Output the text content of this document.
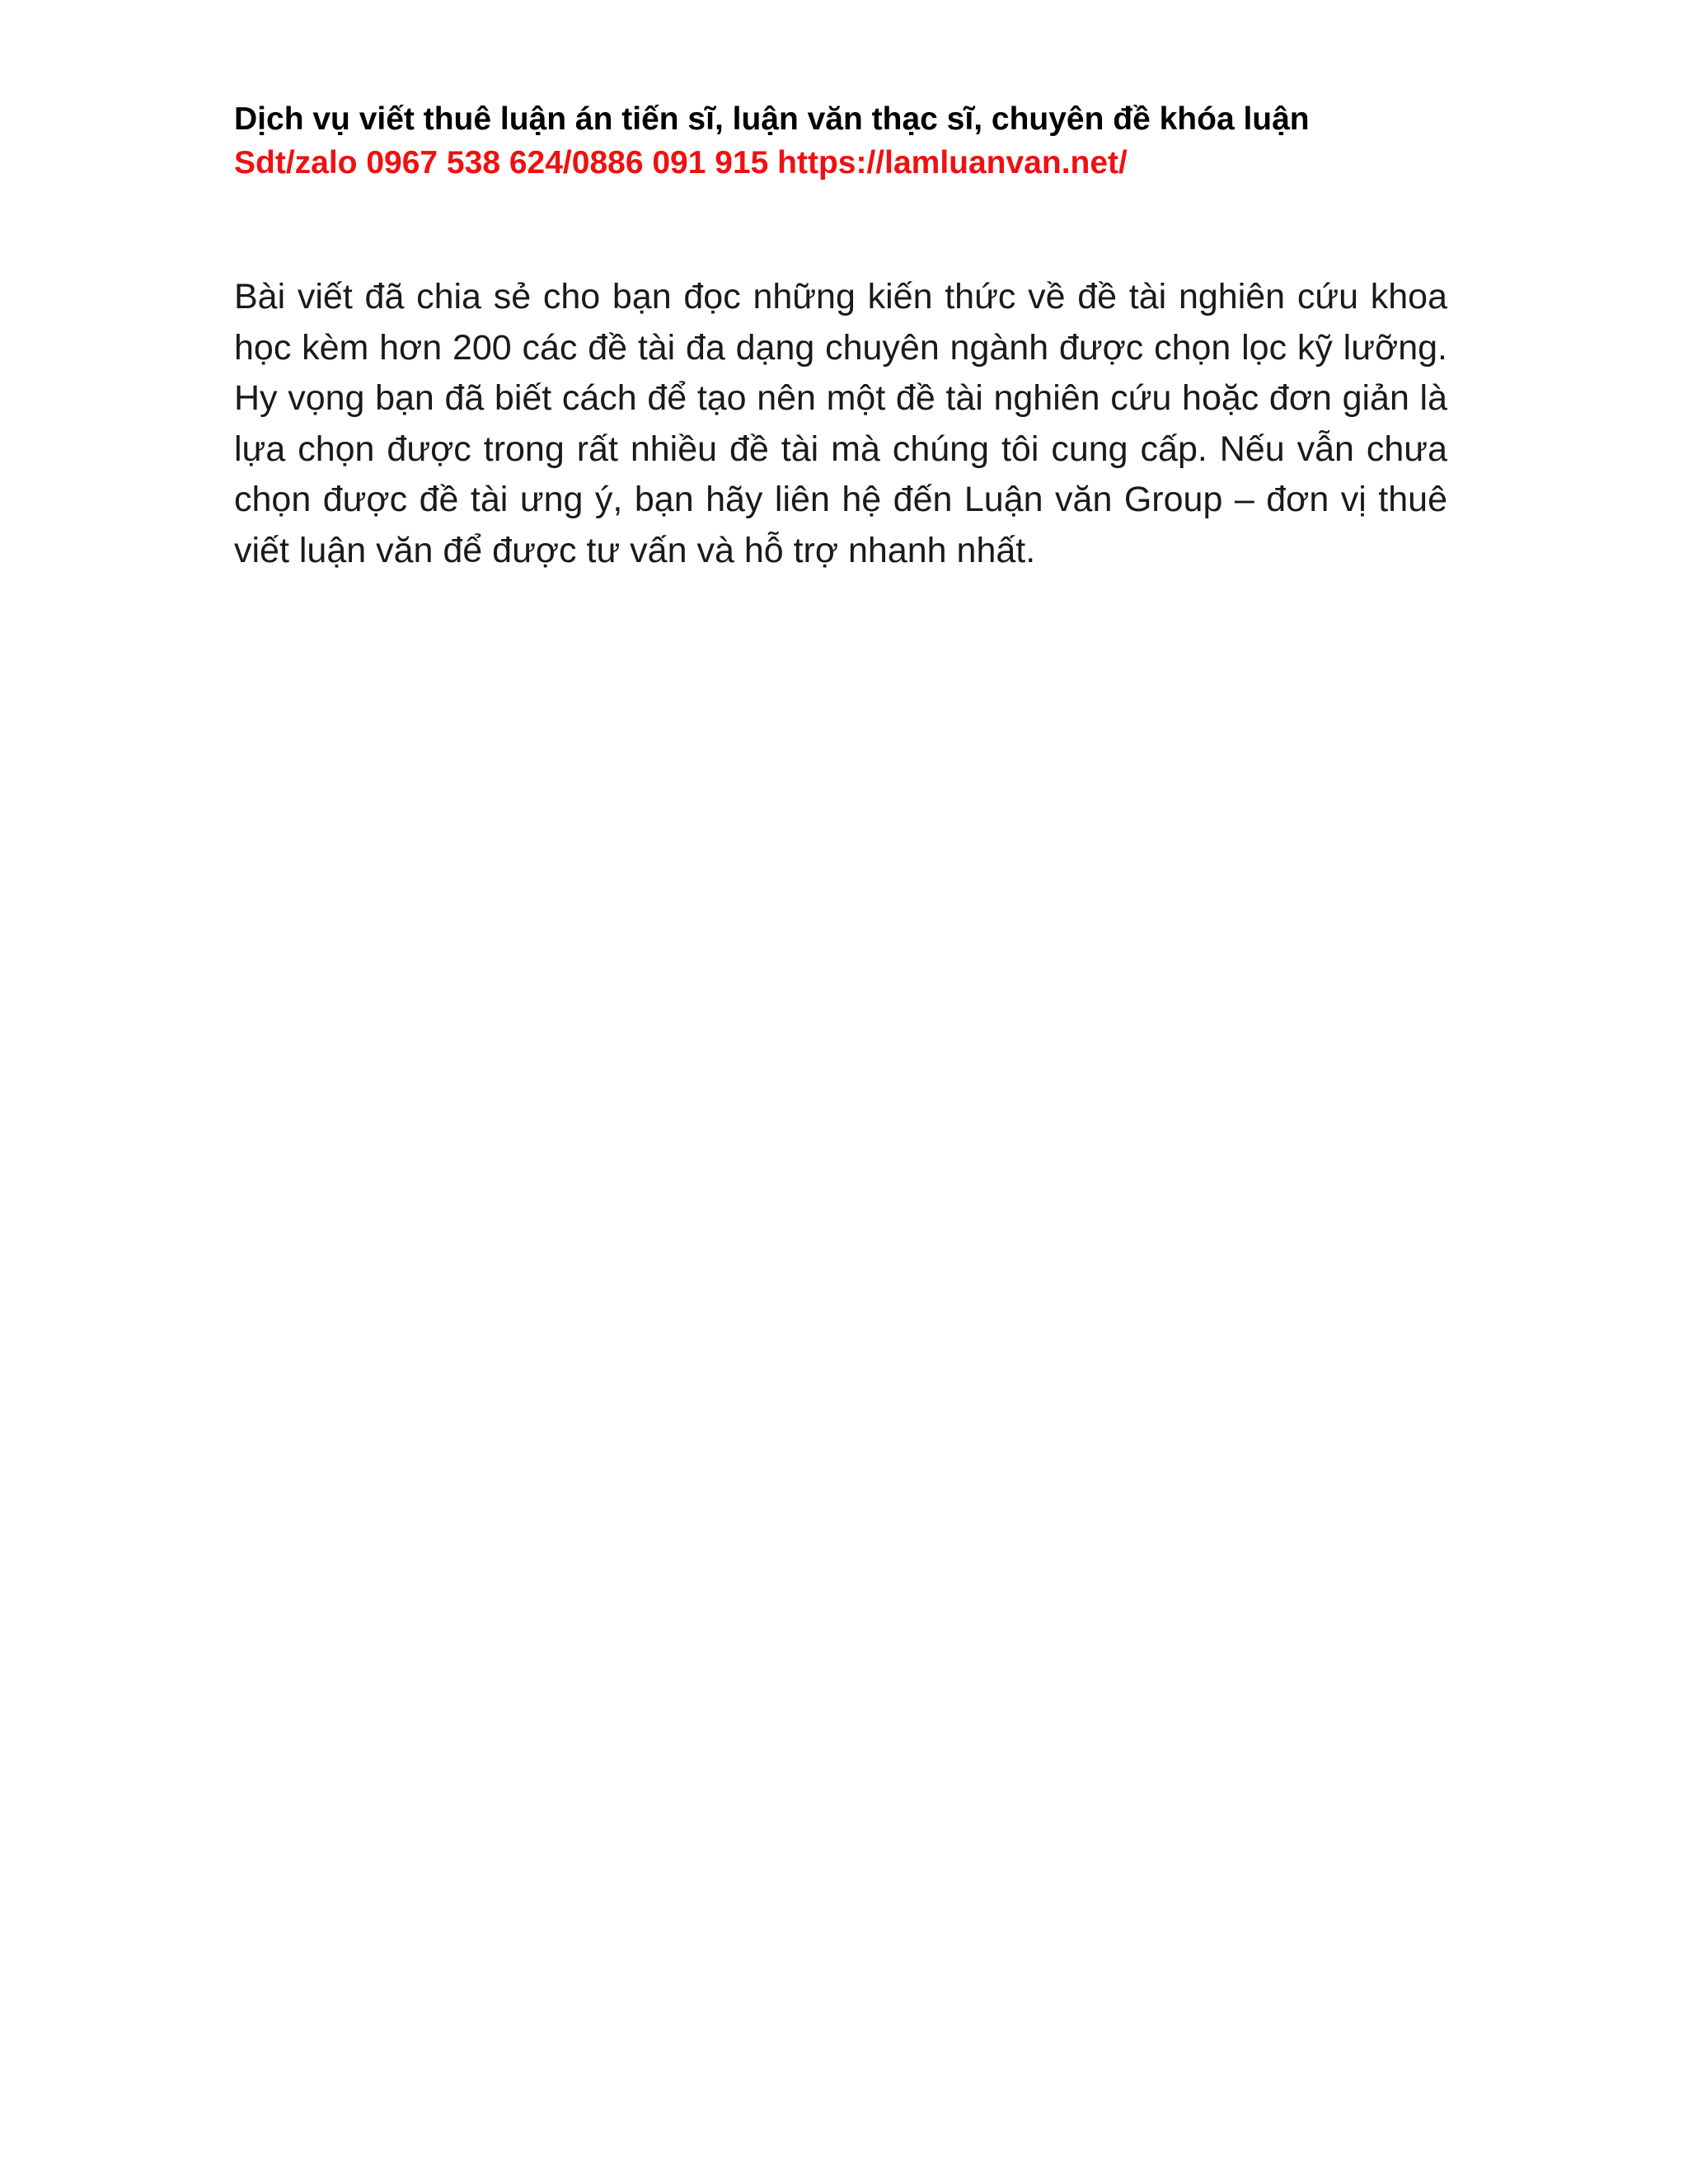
Dịch vụ viết thuê luận án tiến sĩ, luận văn thạc sĩ, chuyên đề khóa luận
Sdt/zalo 0967 538 624/0886 091 915 https://lamluanvan.net/

Bài viết đã chia sẻ cho bạn đọc những kiến thức về đề tài nghiên cứu khoa học kèm hơn 200 các đề tài đa dạng chuyên ngành được chọn lọc kỹ lưỡng. Hy vọng bạn đã biết cách để tạo nên một đề tài nghiên cứu hoặc đơn giản là lựa chọn được trong rất nhiều đề tài mà chúng tôi cung cấp. Nếu vẫn chưa chọn được đề tài ưng ý, bạn hãy liên hệ đến Luận văn Group – đơn vị thuê viết luận văn để được tư vấn và hỗ trợ nhanh nhất.
